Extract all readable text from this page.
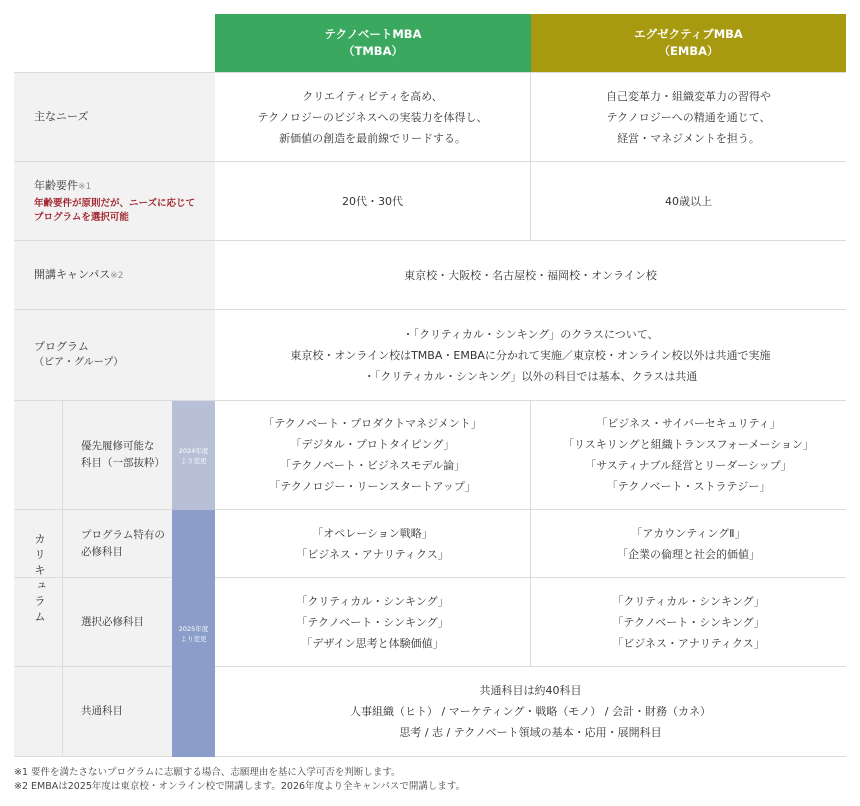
テクノベートMBA
（TMBA）
エグゼクティブMBA
（EMBA）
主なニーズ
クリエイティビティを高め、
テクノロジーのビジネスへの実装力を体得し、
新価値の創造を最前線でリードする。
自己変革力・組織変革力の習得や
テクノロジーへの精通を通じて、
経営・マネジメントを担う。
年齢要件※1
年齢要件が原則だが、ニーズに応じて
プログラムを選択可能
20代・30代	40歳以上
開講キャンパス※2	東京校・大阪校・名古屋校・福岡校・オンライン校
プログラム
（ピア・グループ）
・「クリティカル・シンキング」のクラスについて、
東京校・オンライン校はTMBA・EMBAに分かれて実施／東京校・オンライン校以外は共通で実施
・「クリティカル・シンキング」以外の科目では基本、クラスは共通
カリキュラム
優先履修可能な
科目（一部抜粋）
「テクノベート・プロダクトマネジメント」
「デジタル・プロトタイピング」
「テクノベート・ビジネスモデル論」
「テクノロジー・リーンスタートアップ」
「ビジネス・サイバーセキュリティ」
「リスキリングと組織トランスフォーメーション」
「サスティナブル経営とリーダーシップ」
「テクノベート・ストラテジー」
プログラム特有の
必修科目
「オペレーション戦略」
「ビジネス・アナリティクス」
「アカウンティングⅡ」
「企業の倫理と社会的価値」
選択必修科目
「クリティカル・シンキング」
「テクノベート・シンキング」
「デザイン思考と体験価値」
「クリティカル・シンキング」
「テクノベート・シンキング」
「ビジネス・アナリティクス」
共通科目
共通科目は約40科目
人事組織（ヒト） / マーケティング・戦略（モノ） / 会計・財務（カネ）
思考 / 志 / テクノベート領域の基本・応用・展開科目
2024年度
より変更
2025年度
より変更
※1 要件を満たさないプログラムに志願する場合、志願理由を基に入学可否を判断します。
※2 EMBAは2025年度は東京校・オンライン校で開講します。2026年度より全キャンパスで開講します。
